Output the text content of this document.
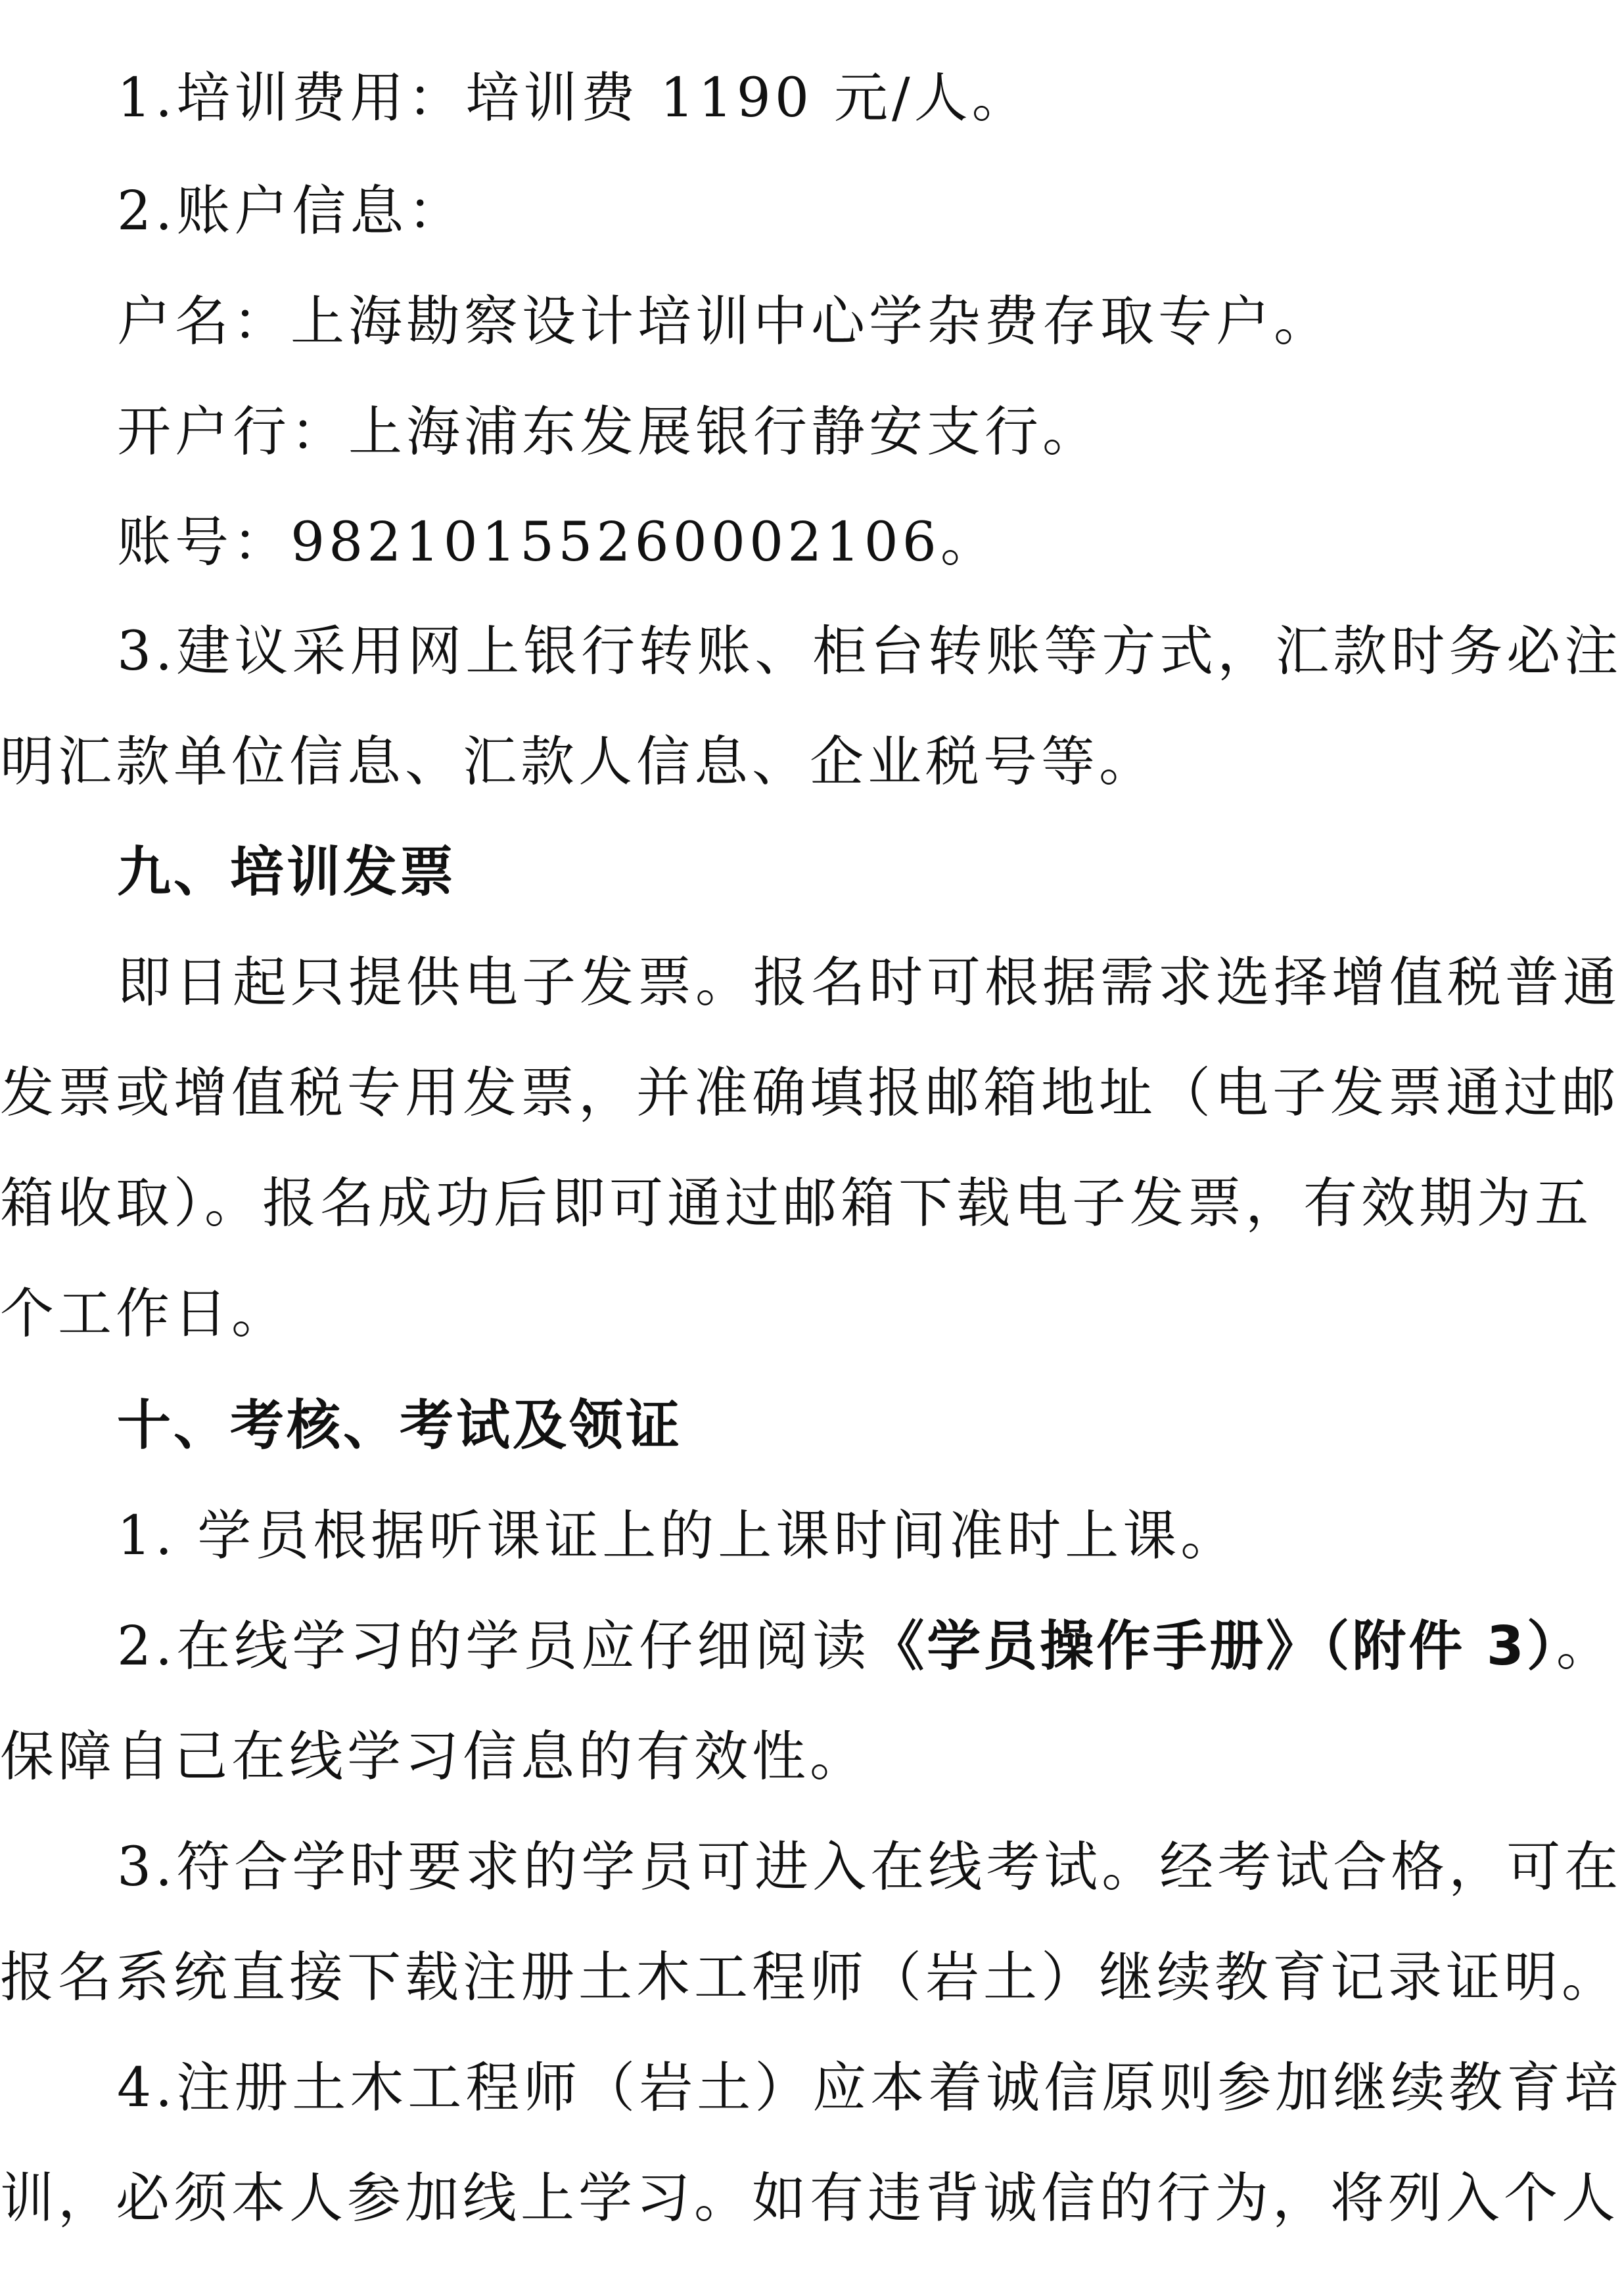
1.培训费用：培训费 1190 元/人。
2.账户信息：
户名：上海勘察设计培训中心学杂费存取专户。
开户行：上海浦东发展银行静安支行。
账号：98210155260002106。
3.建议采用网上银行转账、柜台转账等方式，汇款时务必注
明汇款单位信息、汇款人信息、企业税号等。
九、培训发票
即日起只提供电子发票。报名时可根据需求选择增值税普通
发票或增值税专用发票，并准确填报邮箱地址（电子发票通过邮
箱收取）。报名成功后即可通过邮箱下载电子发票，有效期为五
个工作日。
十、考核、考试及领证
1. 学员根据听课证上的上课时间准时上课。
2.在线学习的学员应仔细阅读《学员操作手册》（附件 3）。
保障自己在线学习信息的有效性。
3.符合学时要求的学员可进入在线考试。经考试合格，可在
报名系统直接下载注册土木工程师（岩土）继续教育记录证明。
4.注册土木工程师（岩土）应本着诚信原则参加继续教育培
训，必须本人参加线上学习。如有违背诚信的行为，将列入个人
